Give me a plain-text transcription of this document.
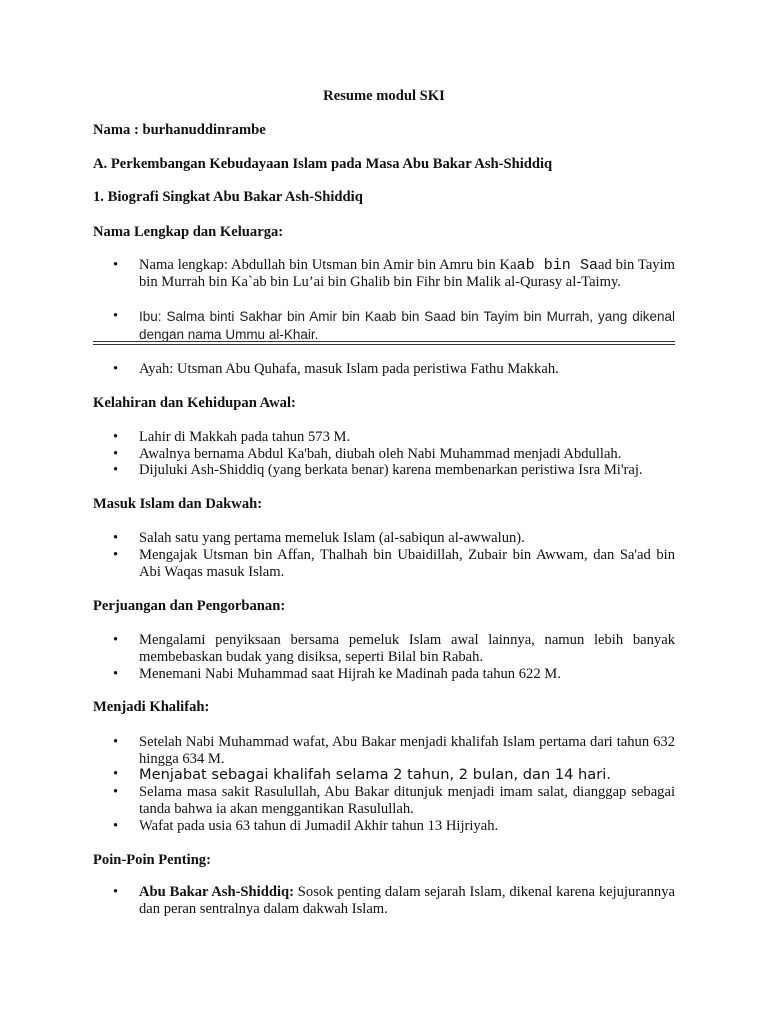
Resume modul SKI
Nama : burhanuddinrambe
A. Perkembangan Kebudayaan Islam pada Masa Abu Bakar Ash-Shiddiq
1. Biografi Singkat Abu Bakar Ash-Shiddiq
Nama Lengkap dan Keluarga:
•	Nama lengkap: Abdullah bin Utsman bin Amir bin Amru bin Kaab bin Saad bin Tayim bin Murrah bin Ka`ab bin Lu’ai bin Ghalib bin Fihr bin Malik al-Qurasy al-Taimy.
•	Ibu: Salma binti Sakhar bin Amir bin Kaab bin Saad bin Tayim bin Murrah, yang dikenal dengan nama Ummu al-Khair.
•	Ayah: Utsman Abu Quhafa, masuk Islam pada peristiwa Fathu Makkah.
Kelahiran dan Kehidupan Awal:
•	Lahir di Makkah pada tahun 573 M.
•	Awalnya bernama Abdul Ka'bah, diubah oleh Nabi Muhammad menjadi Abdullah.
•	Dijuluki Ash-Shiddiq (yang berkata benar) karena membenarkan peristiwa Isra Mi'raj.
Masuk Islam dan Dakwah:
•	Salah satu yang pertama memeluk Islam (al-sabiqun al-awwalun).
•	Mengajak Utsman bin Affan, Thalhah bin Ubaidillah, Zubair bin Awwam, dan Sa'ad bin Abi Waqas masuk Islam.
Perjuangan dan Pengorbanan:
•	Mengalami penyiksaan bersama pemeluk Islam awal lainnya, namun lebih banyak membebaskan budak yang disiksa, seperti Bilal bin Rabah.
•	Menemani Nabi Muhammad saat Hijrah ke Madinah pada tahun 622 M.
Menjadi Khalifah:
•	Setelah Nabi Muhammad wafat, Abu Bakar menjadi khalifah Islam pertama dari tahun 632 hingga 634 M.
•	Menjabat sebagai khalifah selama 2 tahun, 2 bulan, dan 14 hari.
•	Selama masa sakit Rasulullah, Abu Bakar ditunjuk menjadi imam salat, dianggap sebagai tanda bahwa ia akan menggantikan Rasulullah.
•	Wafat pada usia 63 tahun di Jumadil Akhir tahun 13 Hijriyah.
Poin-Poin Penting:
•	Abu Bakar Ash-Shiddiq: Sosok penting dalam sejarah Islam, dikenal karena kejujurannya dan peran sentralnya dalam dakwah Islam.
